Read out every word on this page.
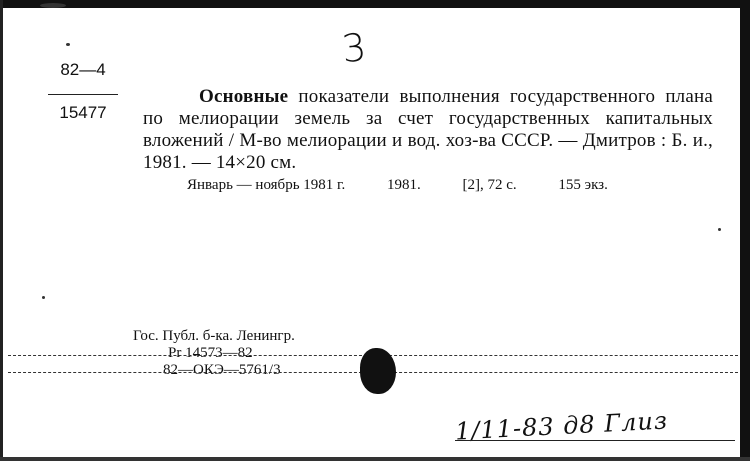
3
82—4
15477
Основные показатели выполнения государственного плана по мелиорации земель за счет государственных капитальных вложений / М-во мелиорации и вод. хоз-ва СССР. — Дмитров : Б. и., 1981. — 14×20 см.
Январь — ноябрь 1981 г.	1981.	[2], 72 с.	155 экз.
Гос. Публ. б-ка. Ленингр.
Pr 14573—82
82—ОКЭ—5761/3
1/11-83 д8 Глиз
